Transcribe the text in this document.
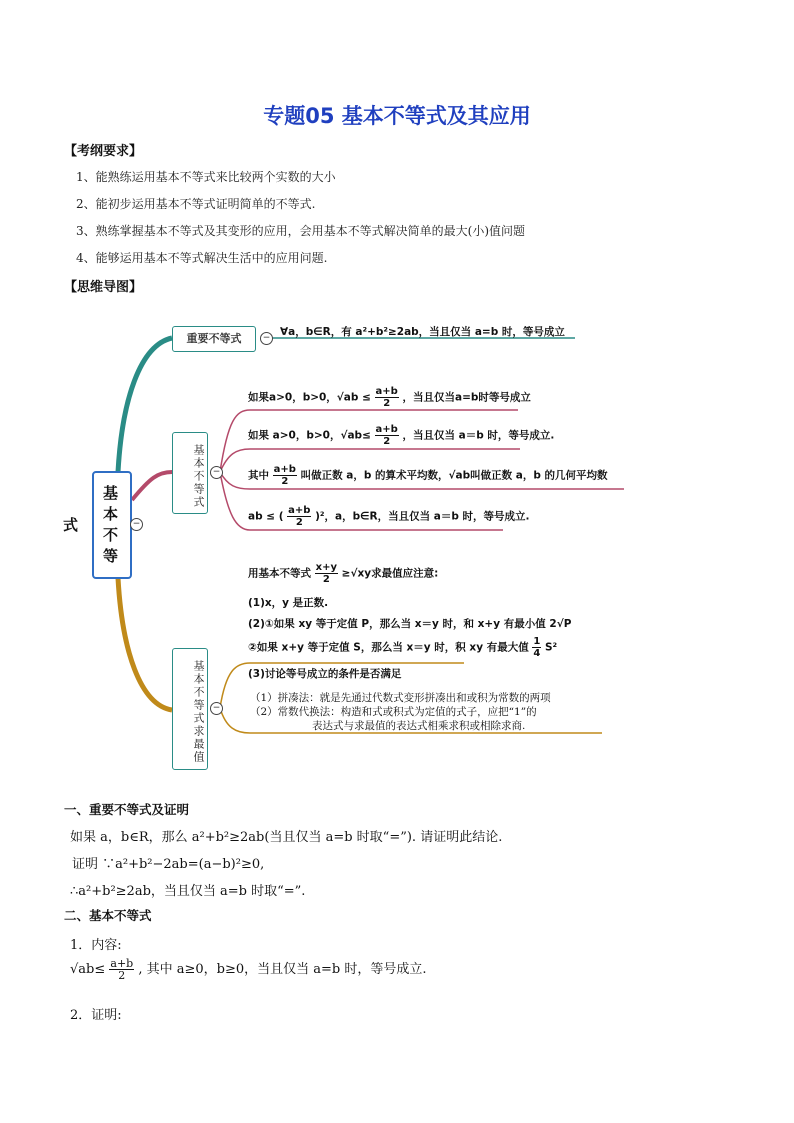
专题05 基本不等式及其应用
【考纲要求】
1、能熟练运用基本不等式来比较两个实数的大小
2、能初步运用基本不等式证明简单的不等式.
3、熟练掌握基本不等式及其变形的应用，会用基本不等式解决简单的最大(小)值问题
4、能够运用基本不等式解决生活中的应用问题.
【思维导图】
基本不等式	−
重要不等式	− ∀a，b∈R，有 a²+b²≥2ab，当且仅当 a=b 时，等号成立
基本不等式 −
如果a>0，b>0，$√ab \le \frac{a+b}{2}$ ，当且仅当a=b时等号成立
如果 a>0，b>0，$√ab\le \frac{a+b}{2}$ ，当且仅当 a＝b 时，等号成立.
其中 $\frac{a+b}{2}$ 叫做正数 a，b 的算术平均数，√ab叫做正数 a，b 的几何平均数
ab ≤ ( $\frac{a+b}{2} )^2$，a，b∈R，当且仅当 a＝b 时，等号成立.
基本不等式求最值 −
用基本不等式 $\frac{x+y}{2} \ge√xy$求最值应注意:
(1)x，y 是正数.
(2)①如果 xy 等于定值 P，那么当 x＝y 时，和 x+y 有最小值 2√P
②如果 x+y 等于定值 S，那么当 x＝y 时，积 xy 有最大值 $\frac{1}{4} S^2$
(3)讨论等号成立的条件是否满足
（1）拼凑法：就是先通过代数式变形拼凑出和或积为常数的两项
（2）常数代换法：构造和式或积式为定值的式子，应把“1”的
表达式与求最值的表达式相乘求积或相除求商.
一、重要不等式及证明
如果 a，b∈R，那么 a²+b²≥2ab(当且仅当 a=b 时取“=”). 请证明此结论.
证明 ∵a²+b²−2ab=(a−b)²≥0,
∴a²+b²≥2ab，当且仅当 a=b 时取“=”.
二、基本不等式
1．内容:
$√ab\le \frac{a+b}{2}$ , 其中 a≥0，b≥0，当且仅当 a=b 时，等号成立.
2．证明:
